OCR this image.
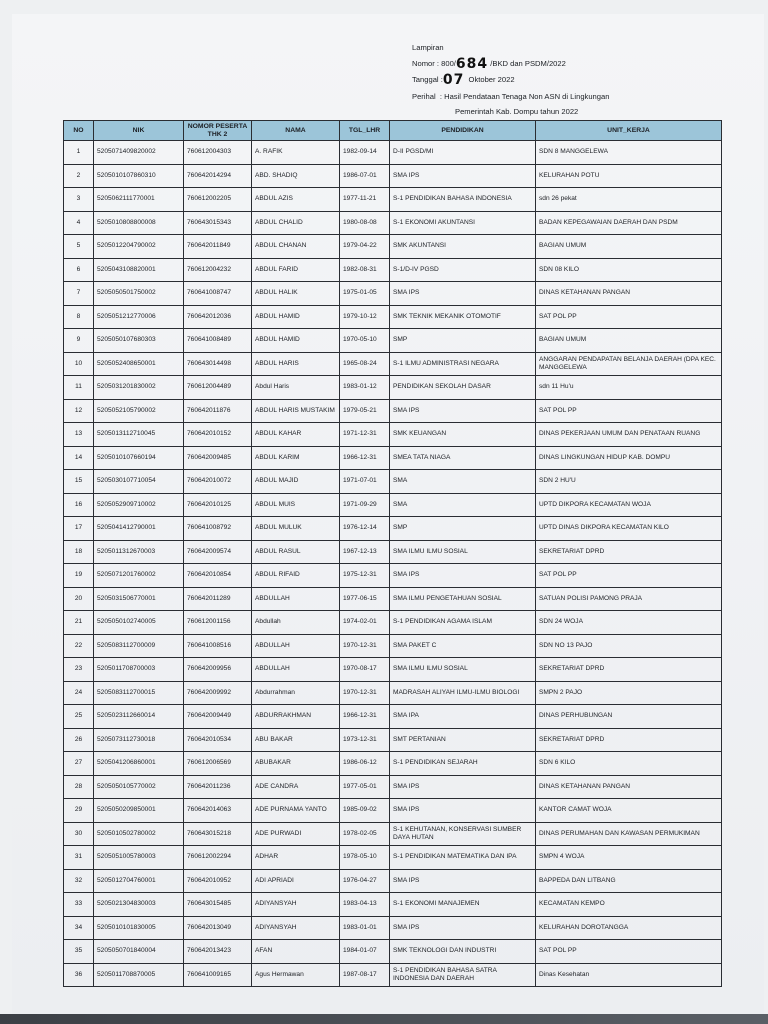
Lampiran
Nomor : 800/684 /BKD dan PSDM/2022
Tanggal :07 Oktober 2022
Perihal : Hasil Pendataan Tenaga Non ASN di Lingkungan
Pemerintah Kab. Dompu tahun 2022
NO	NIK	NOMOR PESERTA THK 2	NAMA	TGL_LHR	PENDIDIKAN	UNIT_KERJA
1	5205071409820002	760612004303	A. RAFIK	1982-09-14	D-II PGSD/MI	SDN 8 MANGGELEWA
2	5205010107860310	760642014294	ABD. SHADIQ	1986-07-01	SMA IPS	KELURAHAN POTU
3	5205062111770001	760612002205	ABDUL AZIS	1977-11-21	S-1 PENDIDIKAN BAHASA INDONESIA	sdn 26 pekat
4	5205010808800008	760643015343	ABDUL CHALID	1980-08-08	S-1 EKONOMI AKUNTANSI	BADAN KEPEGAWAIAN DAERAH DAN PSDM
5	5205012204790002	760642011849	ABDUL CHANAN	1979-04-22	SMK AKUNTANSI	BAGIAN UMUM
6	5205043108820001	760612004232	ABDUL FARID	1982-08-31	S-1/D-IV PGSD	SDN 08 KILO
7	5205050501750002	760641008747	ABDUL HALIK	1975-01-05	SMA IPS	DINAS KETAHANAN PANGAN
8	5205051212770006	760642012036	ABDUL HAMID	1979-10-12	SMK TEKNIK MEKANIK OTOMOTIF	SAT POL PP
9	5205050107680303	760641008489	ABDUL HAMID	1970-05-10	SMP	BAGIAN UMUM
10	5205052408650001	760643014498	ABDUL HARIS	1965-08-24	S-1 ILMU ADMINISTRASI NEGARA	ANGGARAN PENDAPATAN BELANJA DAERAH (DPA KEC. MANGGELEWA
11	5205031201830002	760612004489	Abdul Haris	1983-01-12	PENDIDIKAN SEKOLAH DASAR	sdn 11 Hu'u
12	5205052105790002	760642011876	ABDUL HARIS MUSTAKIM	1979-05-21	SMA IPS	SAT POL PP
13	5205013112710045	760642010152	ABDUL KAHAR	1971-12-31	SMK KEUANGAN	DINAS PEKERJAAN UMUM DAN PENATAAN RUANG
14	5205010107660194	760642009485	ABDUL KARIM	1966-12-31	SMEA TATA NIAGA	DINAS LINGKUNGAN HIDUP KAB. DOMPU
15	5205030107710054	760642010072	ABDUL MAJID	1971-07-01	SMA	SDN 2 HU'U
16	5205052909710002	760642010125	ABDUL MUIS	1971-09-29	SMA	UPTD DIKPORA KECAMATAN WOJA
17	5205041412790001	760641008792	ABDUL MULUK	1976-12-14	SMP	UPTD DINAS DIKPORA KECAMATAN KILO
18	5205011312670003	760642009574	ABDUL RASUL	1967-12-13	SMA ILMU ILMU SOSIAL	SEKRETARIAT DPRD
19	5205071201760002	760642010854	ABDUL RIFAID	1975-12-31	SMA IPS	SAT POL PP
20	5205031506770001	760642011289	ABDULLAH	1977-06-15	SMA ILMU PENGETAHUAN SOSIAL	SATUAN POLISI PAMONG PRAJA
21	5205050102740005	760612001156	Abdullah	1974-02-01	S-1 PENDIDIKAN AGAMA ISLAM	SDN 24 WOJA
22	5205083112700009	760641008516	ABDULLAH	1970-12-31	SMA PAKET C	SDN NO 13 PAJO
23	5205011708700003	760642009956	ABDULLAH	1970-08-17	SMA ILMU ILMU SOSIAL	SEKRETARIAT DPRD
24	5205083112700015	760642009992	Abdurrahman	1970-12-31	MADRASAH ALIYAH ILMU-ILMU BIOLOGI	SMPN 2 PAJO
25	5205023112660014	760642009449	ABDURRAKHMAN	1966-12-31	SMA IPA	DINAS PERHUBUNGAN
26	5205073112730018	760642010534	ABU BAKAR	1973-12-31	SMT PERTANIAN	SEKRETARIAT DPRD
27	5205041206860001	760612006569	ABUBAKAR	1986-06-12	S-1 PENDIDIKAN SEJARAH	SDN 6 KILO
28	5205050105770002	760642011236	ADE CANDRA	1977-05-01	SMA IPS	DINAS KETAHANAN PANGAN
29	5205050209850001	760642014063	ADE PURNAMA YANTO	1985-09-02	SMA IPS	KANTOR CAMAT WOJA
30	5205010502780002	760643015218	ADE PURWADI	1978-02-05	S-1 KEHUTANAN, KONSERVASI SUMBER DAYA HUTAN	DINAS PERUMAHAN DAN KAWASAN PERMUKIMAN
31	5205051005780003	760612002294	ADHAR	1978-05-10	S-1 PENDIDIKAN MATEMATIKA DAN IPA	SMPN 4 WOJA
32	5205012704760001	760642010952	ADI APRIADI	1976-04-27	SMA IPS	BAPPEDA DAN LITBANG
33	5205021304830003	760643015485	ADIYANSYAH	1983-04-13	S-1 EKONOMI MANAJEMEN	KECAMATAN KEMPO
34	5205010101830005	760642013049	ADIYANSYAH	1983-01-01	SMA IPS	KELURAHAN DOROTANGGA
35	5205050701840004	760642013423	AFAN	1984-01-07	SMK TEKNOLOGI DAN INDUSTRI	SAT POL PP
36	5205011708870005	760641009165	Agus Hermawan	1987-08-17	S-1 PENDIDIKAN BAHASA SATRA INDONESIA DAN DAERAH	Dinas Kesehatan
